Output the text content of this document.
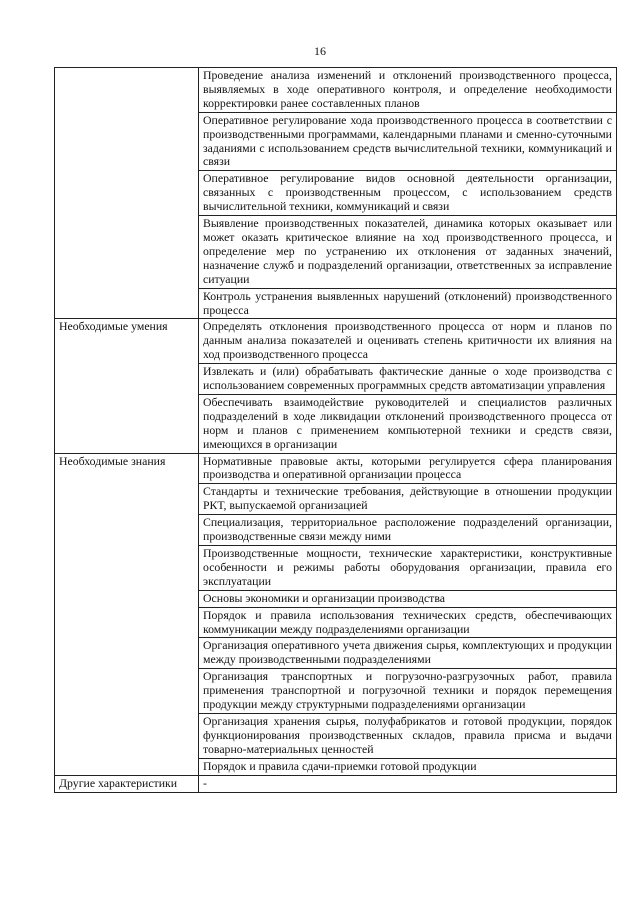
16
	Проведение анализа изменений и отклонений производственного процесса, выявляемых в ходе оперативного контроля, и определение необходимости корректировки ранее составленных планов
	Оперативное регулирование хода производственного процесса в соответствии с производственными программами, календарными планами и сменно-суточными заданиями с использованием средств вычислительной техники, коммуникаций и связи
	Оперативное регулирование видов основной деятельности организации, связанных с производственным процессом, с использованием средств вычислительной техники, коммуникаций и связи
	Выявление производственных показателей, динамика которых оказывает или может оказать критическое влияние на ход производственного процесса, и определение мер по устранению их отклонения от заданных значений, назначение служб и подразделений организации, ответственных за исправление ситуации
	Контроль устранения выявленных нарушений (отклонений) производственного процесса
Необходимые умения	Определять отклонения производственного процесса от норм и планов по данным анализа показателей и оценивать степень критичности их влияния на ход производственного процесса
	Извлекать и (или) обрабатывать фактические данные о ходе производства с использованием современных программных средств автоматизации управления
	Обеспечивать взаимодействие руководителей и специалистов различных подразделений в ходе ликвидации отклонений производственного процесса от норм и планов с применением компьютерной техники и средств связи, имеющихся в организации
Необходимые знания	Нормативные правовые акты, которыми регулируется сфера планирования производства и оперативной организации процесса
	Стандарты и технические требования, действующие в отношении продукции РКТ, выпускаемой организацией
	Специализация, территориальное расположение подразделений организации, производственные связи между ними
	Производственные мощности, технические характеристики, конструктивные особенности и режимы работы оборудования организации, правила его эксплуатации
	Основы экономики и организации производства
	Порядок и правила использования технических средств, обеспечивающих коммуникации между подразделениями организации
	Организация оперативного учета движения сырья, комплектующих и продукции между производственными подразделениями
	Организация транспортных и погрузочно-разгрузочных работ, правила применения транспортной и погрузочной техники и порядок перемещения продукции между структурными подразделениями организации
	Организация хранения сырья, полуфабрикатов и готовой продукции, порядок функционирования производственных складов, правила присма и выдачи товарно-материальных ценностей
	Порядок и правила сдачи-приемки готовой продукции
Другие характеристики	-
